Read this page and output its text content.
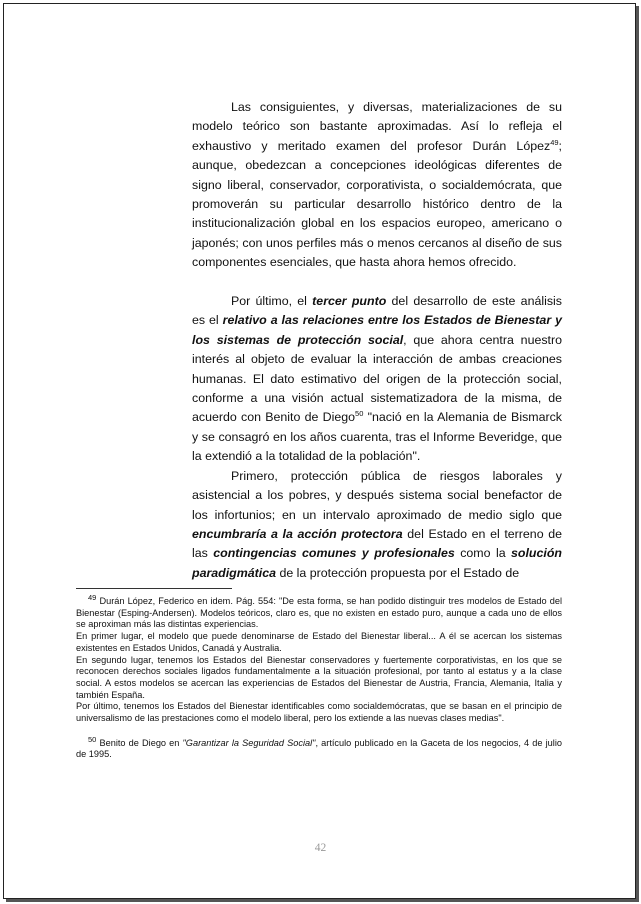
Las consiguientes, y diversas, materializaciones de su modelo teórico son bastante aproximadas. Así lo refleja el exhaustivo y meritado examen del profesor Durán López$^{49}$; aunque, obedezcan a concepciones ideológicas diferentes de signo liberal, conservador, corporativista, o socialdemócrata, que promoverán su particular desarrollo histórico dentro de la institucionalización global en los espacios europeo, americano o japonés; con unos perfiles más o menos cercanos al diseño de sus componentes esenciales, que hasta ahora hemos ofrecido.

Por último, el tercer punto del desarrollo de este análisis es el relativo a las relaciones entre los Estados de Bienestar y los sistemas de protección social, que ahora centra nuestro interés al objeto de evaluar la interacción de ambas creaciones humanas. El dato estimativo del origen de la protección social, conforme a una visión actual sistematizadora de la misma, de acuerdo con Benito de Diego$^{50}$ "nació en la Alemania de Bismarck y se consagró en los años cuarenta, tras el Informe Beveridge, que la extendió a la totalidad de la población".

Primero, protección pública de riesgos laborales y asistencial a los pobres, y después sistema social benefactor de los infortunios; en un intervalo aproximado de medio siglo que encumbraría a la acción protectora del Estado en el terreno de las contingencias comunes y profesionales como la solución paradigmática de la protección propuesta por el Estado de

$^{49}$ Durán López, Federico en idem. Pág. 554: "De esta forma, se han podido distinguir tres modelos de Estado del Bienestar (Esping-Andersen). Modelos teóricos, claro es, que no existen en estado puro, aunque a cada uno de ellos se aproximan más las distintas experiencias.

En primer lugar, el modelo que puede denominarse de Estado del Bienestar liberal... A él se acercan los sistemas existentes en Estados Unidos, Canadá y Australia.

En segundo lugar, tenemos los Estados del Bienestar conservadores y fuertemente corporativistas, en los que se reconocen derechos sociales ligados fundamentalmente a la situación profesional, por tanto al estatus y a la clase social. A estos modelos se acercan las experiencias de Estados del Bienestar de Austria, Francia, Alemania, Italia y también España.

Por último, tenemos los Estados del Bienestar identificables como socialdemócratas, que se basan en el principio de universalismo de las prestaciones como el modelo liberal, pero los extiende a las nuevas clases medias".

$^{50}$ Benito de Diego en "Garantizar la Seguridad Social", artículo publicado en la Gaceta de los negocios, 4 de julio de 1995.

42
